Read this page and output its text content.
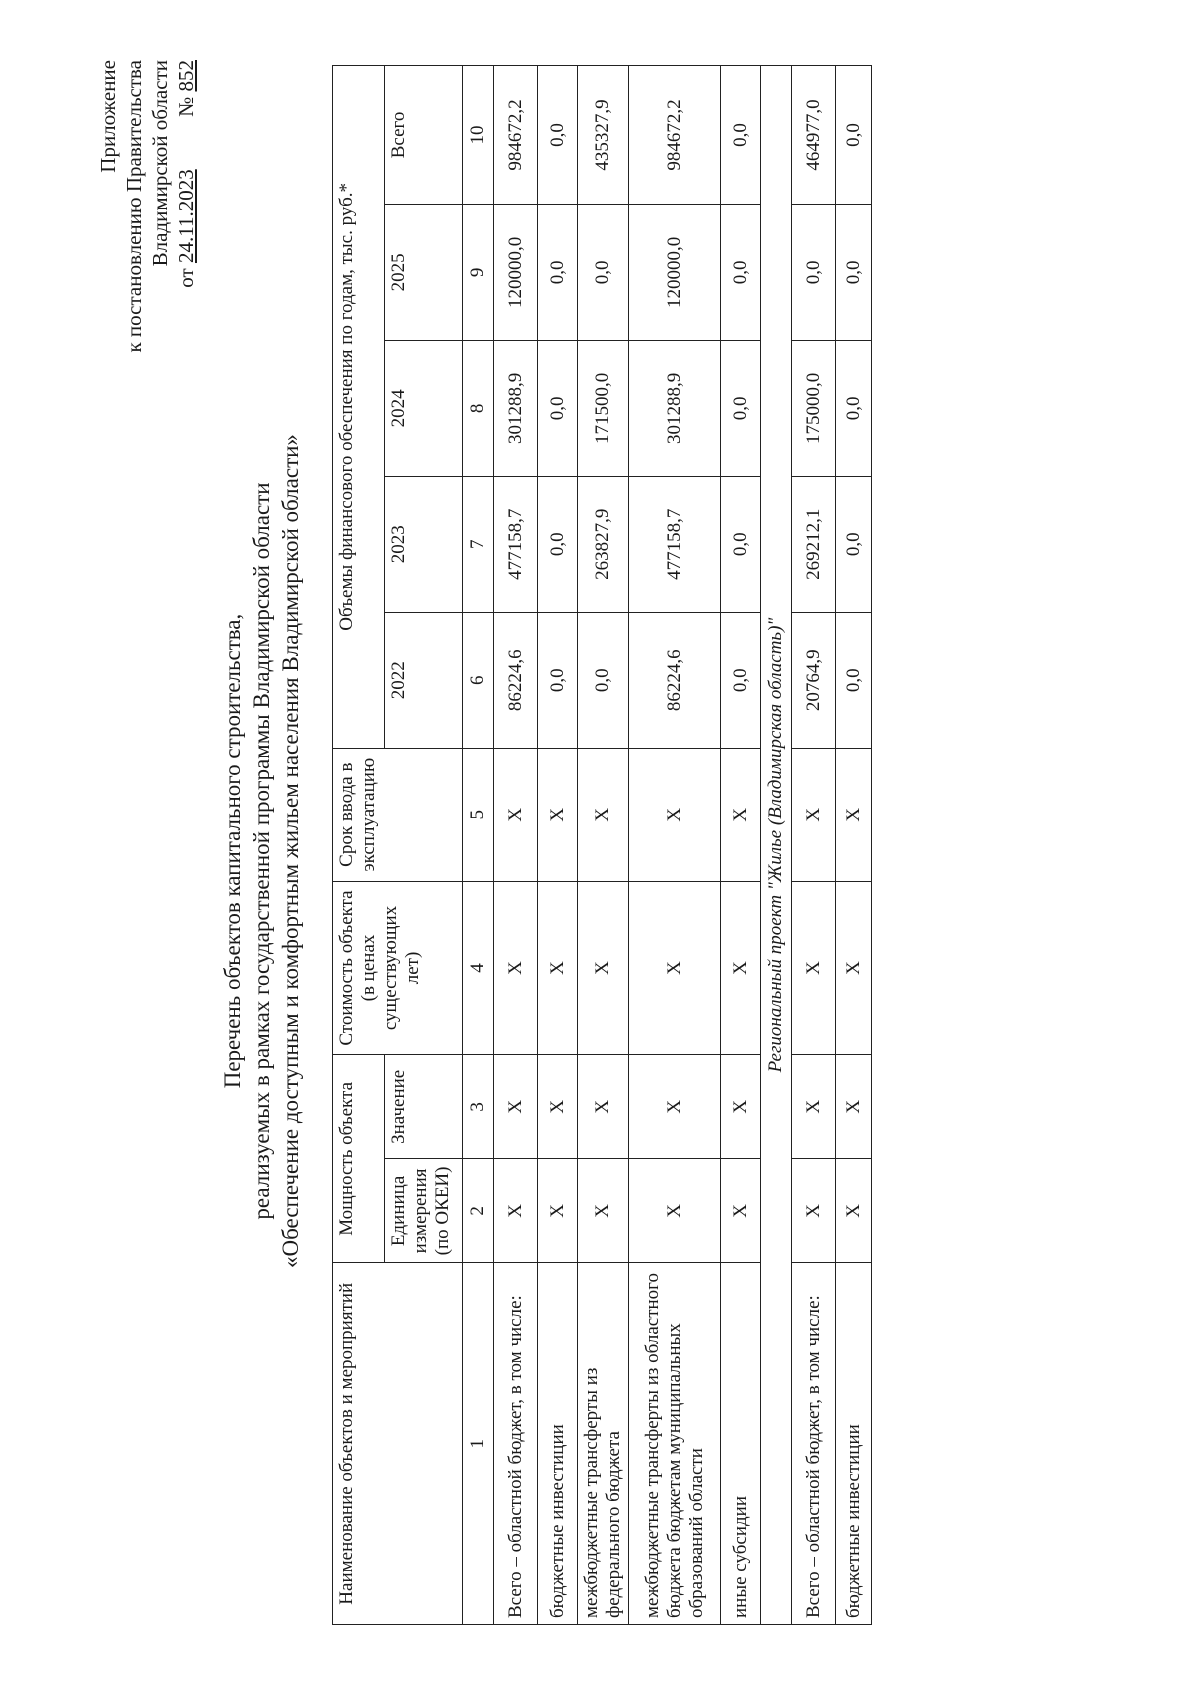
Приложение к постановлению Правительства Владимирской области
от 24.11.2023          № 852
Перечень объектов капитального строительства, реализуемых в рамках государственной программы Владимирской области «Обеспечение доступным и комфортным жильем населения Владимирской области»
Наименование объектов и мероприятий	Мощность объекта		Стоимость объекта (в ценах существующих лет)	Срок ввода в эксплуатацию	Объемы финансового обеспечения по годам, тыс. руб.*				
	Единица измерения (по ОКЕИ)	Значение			2022	2023	2024	2025	Всего
1	2	3	4	5	6	7	8	9	10
Всего – областной бюджет, в том числе:	Х	Х	Х	Х	86224,6	477158,7	301288,9	120000,0	984672,2
бюджетные инвестиции	Х	Х	Х	Х	0,0	0,0	0,0	0,0	0,0
межбюджетные трансферты из федерального бюджета	Х	Х	Х	Х	0,0	263827,9	171500,0	0,0	435327,9
межбюджетные трансферты из областного бюджета бюджетам муниципальных образований области	Х	Х	Х	Х	86224,6	477158,7	301288,9	120000,0	984672,2
иные субсидии	Х	Х	Х	Х	0,0	0,0	0,0	0,0	0,0
Региональный проект "Жилье (Владимирская область)"									
Всего – областной бюджет, в том числе:	Х	Х	Х	Х	20764,9	269212,1	175000,0	0,0	464977,0
бюджетные инвестиции	Х	Х	Х	Х	0,0	0,0	0,0	0,0	0,0
